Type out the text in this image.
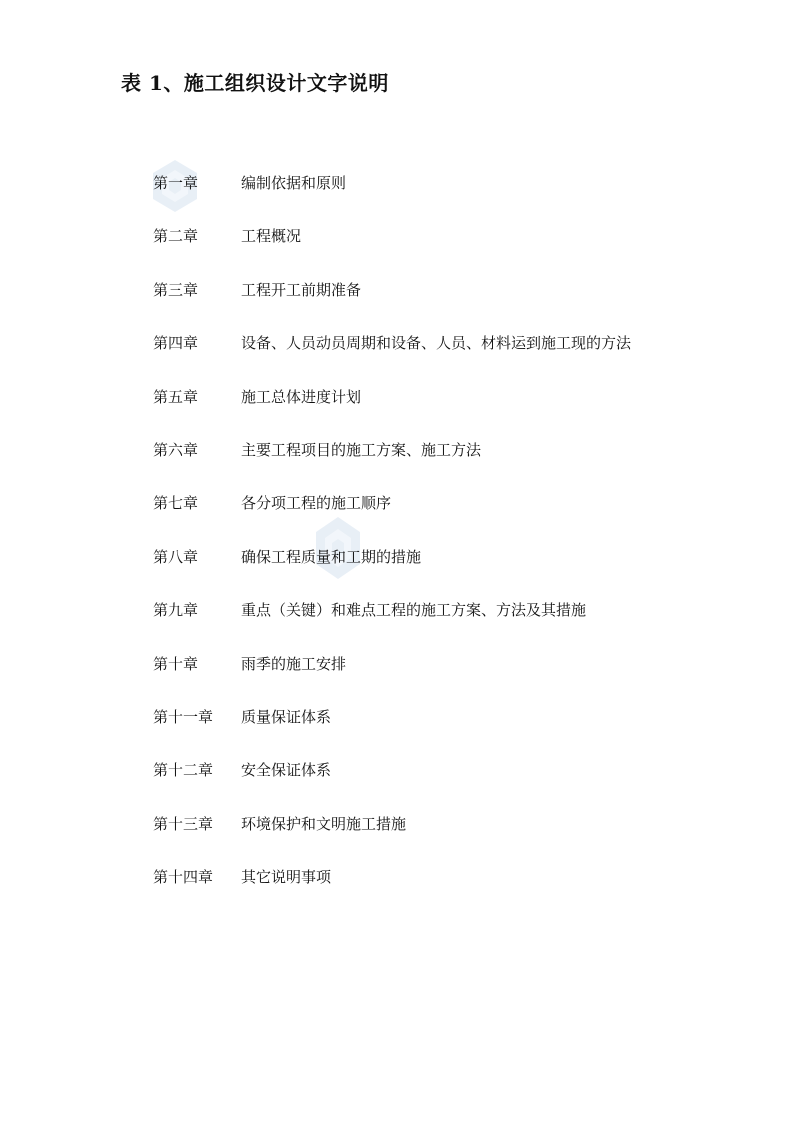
表 1、施工组织设计文字说明
第一章	编制依据和原则
第二章	工程概况
第三章	工程开工前期准备
第四章	设备、人员动员周期和设备、人员、材料运到施工现的方法
第五章	施工总体进度计划
第六章	主要工程项目的施工方案、施工方法
第七章	各分项工程的施工顺序
第八章	确保工程质量和工期的措施
第九章	重点（关键）和难点工程的施工方案、方法及其措施
第十章	雨季的施工安排
第十一章	质量保证体系
第十二章	安全保证体系
第十三章	环境保护和文明施工措施
第十四章	其它说明事项
